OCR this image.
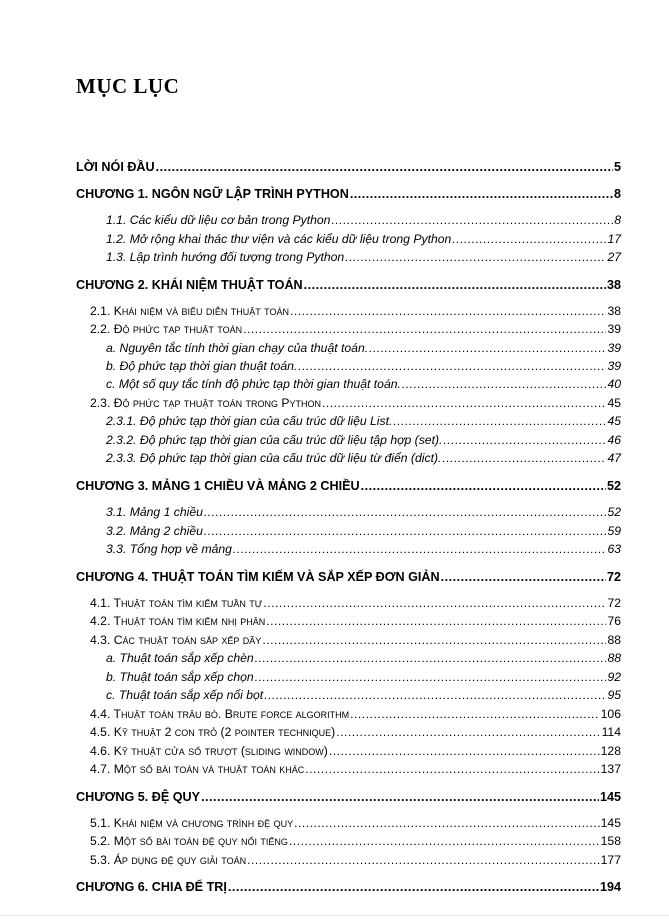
MỤC LỤC
LỜI NÓI ĐẦU .....	5
CHƯƠNG 1. NGÔN NGỮ LẬP TRÌNH PYTHON .....	8
1.1. Các kiểu dữ liệu cơ bản trong Python .....	8
1.2. Mở rộng khai thác thư viện và các kiểu dữ liệu trong Python .....	17
1.3. Lập trình hướng đối tượng trong Python .....	27
CHƯƠNG 2. KHÁI NIỆM THUẬT TOÁN .....	38
2.1. Khái niệm và biểu diễn thuật toán .....	38
2.2. Độ phức tạp thuật toán .....	39
a. Nguyên tắc tính thời gian chạy của thuật toán. .....	39
b. Độ phức tạp thời gian thuật toán. .....	39
c. Một số quy tắc tính độ phức tạp thời gian thuật toán. .....	40
2.3. Độ phức tạp thuật toán trong Python .....	45
2.3.1. Độ phức tạp thời gian của cấu trúc dữ liệu List. .....	45
2.3.2. Độ phức tạp thời gian của cấu trúc dữ liệu tập hợp (set). .....	46
2.3.3. Độ phức tạp thời gian của cấu trúc dữ liệu từ điển (dict). .....	47
CHƯƠNG 3. MẢNG 1 CHIỀU VÀ MẢNG 2 CHIỀU .....	52
3.1. Mảng 1 chiều .....	52
3.2. Mảng 2 chiều .....	59
3.3. Tổng hợp về mảng .....	63
CHƯƠNG 4. THUẬT TOÁN TÌM KIẾM VÀ SẮP XẾP ĐƠN GIẢN .....	72
4.1. Thuật toán tìm kiếm tuần tự .....	72
4.2. Thuật toán tìm kiếm nhị phân .....	76
4.3. Các thuật toán sắp xếp dãy .....	88
a. Thuật toán sắp xếp chèn .....	88
b. Thuật toán sắp xếp chọn .....	92
c. Thuật toán sắp xếp nổi bọt .....	95
4.4. Thuật toán trâu bò. Brute force algorithm .....	106
4.5. Kỹ thuật 2 con trỏ (2 pointer technique) .....	114
4.6. Kỹ thuật cửa sổ trượt (sliding window) .....	128
4.7. Một số bài toán và thuật toán khác .....	137
CHƯƠNG 5. ĐỆ QUY .....	145
5.1. Khái niệm và chương trình đệ quy .....	145
5.2. Một số bài toán đệ quy nổi tiếng .....	158
5.3. Áp dụng đệ quy giải toán .....	177
CHƯƠNG 6. CHIA ĐỂ TRỊ .....	194
